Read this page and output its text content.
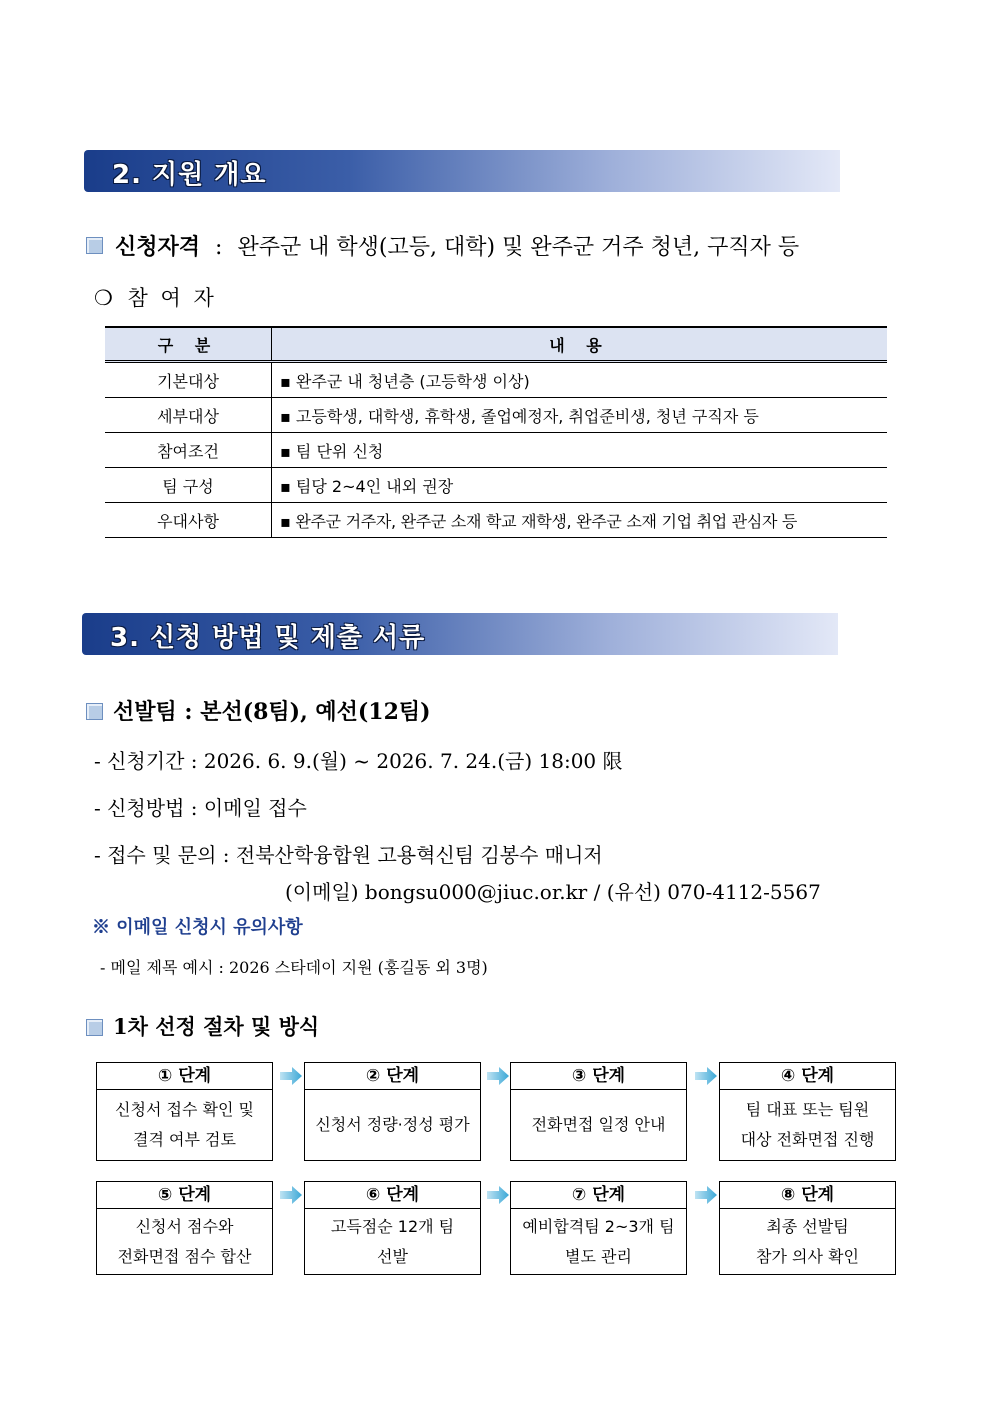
2. 지원 개요
신청자격 : 완주군 내 학생(고등, 대학) 및 완주군 거주 청년, 구직자 등
❍ 참 여 자
구 분	내 용
기본대상	▪ 완주군 내 청년층 (고등학생 이상)
세부대상	▪ 고등학생, 대학생, 휴학생, 졸업예정자, 취업준비생, 청년 구직자 등
참여조건	▪ 팀 단위 신청
팀 구성	▪ 팀당 2~4인 내외 권장
우대사항	▪ 완주군 거주자, 완주군 소재 학교 재학생, 완주군 소재 기업 취업 관심자 등
3. 신청 방법 및 제출 서류
선발팀 : 본선(8팀), 예선(12팀)
- 신청기간 : 2026. 6. 9.(월) ~ 2026. 7. 24.(금) 18:00 限
- 신청방법 : 이메일 접수
- 접수 및 문의 : 전북산학융합원 고용혁신팀 김봉수 매니저
(이메일) bongsu000@jiuc.or.kr / (유선) 070-4112-5567
※ 이메일 신청시 유의사항
- 메일 제목 예시 : 2026 스타데이 지원 (홍길동 외 3명)
1차 선정 절차 및 방식
① 단계
신청서 접수 확인 및
결격 여부 검토
② 단계
신청서 정량·정성 평가
③ 단계
전화면접 일정 안내
④ 단계
팀 대표 또는 팀원
대상 전화면접 진행
⑤ 단계
신청서 점수와
전화면접 점수 합산
⑥ 단계
고득점순 12개 팀
선발
⑦ 단계
예비합격팀 2~3개 팀
별도 관리
⑧ 단계
최종 선발팀
참가 의사 확인
